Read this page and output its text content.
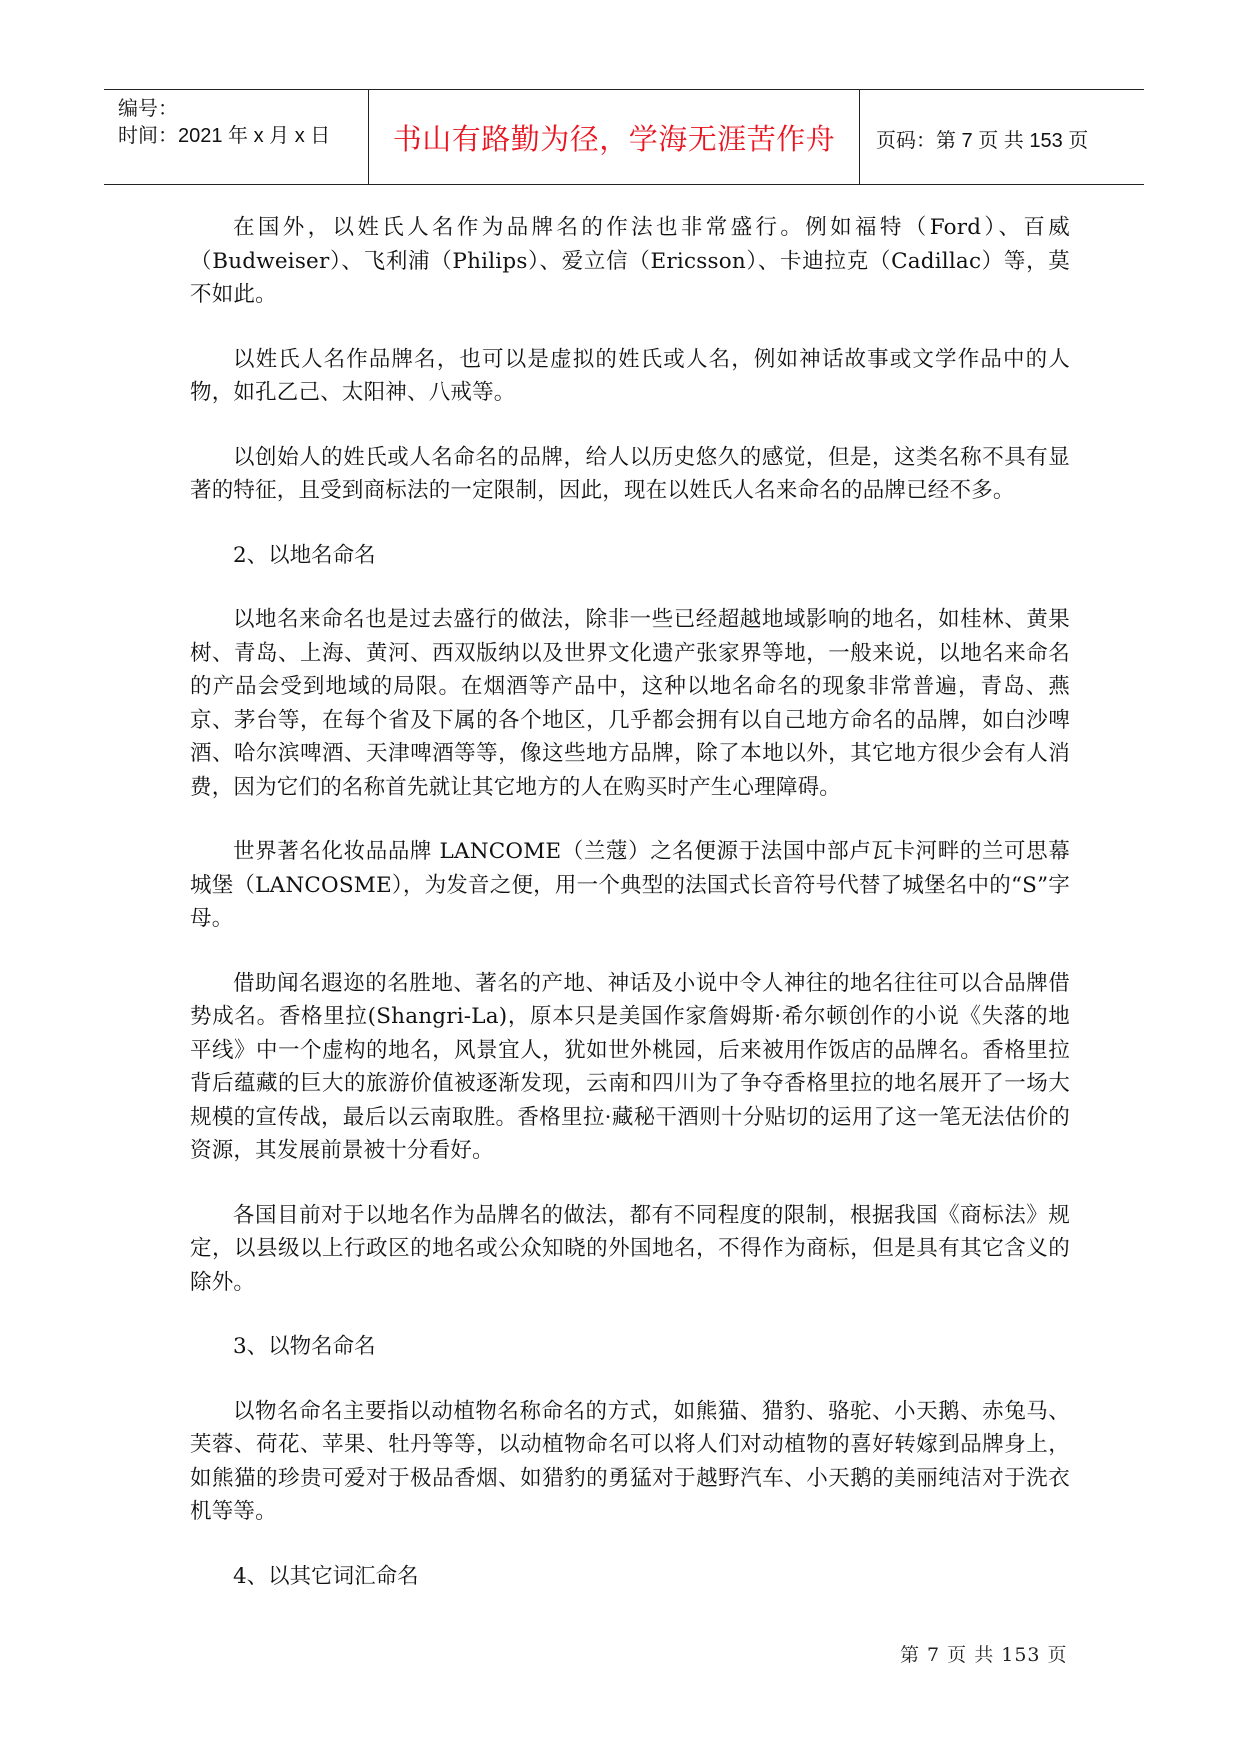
编号：
时间：2021 年 x 月 x 日	书山有路勤为径，学海无涯苦作舟	页码：第 7 页 共 153 页

在国外，以姓氏人名作为品牌名的作法也非常盛行。例如福特（Ford）、百威（Budweiser）、飞利浦（Philips）、爱立信（Ericsson）、卡迪拉克（Cadillac）等，莫不如此。

以姓氏人名作品牌名，也可以是虚拟的姓氏或人名，例如神话故事或文学作品中的人物，如孔乙己、太阳神、八戒等。

以创始人的姓氏或人名命名的品牌，给人以历史悠久的感觉，但是，这类名称不具有显著的特征，且受到商标法的一定限制，因此，现在以姓氏人名来命名的品牌已经不多。

2、以地名命名

以地名来命名也是过去盛行的做法，除非一些已经超越地域影响的地名，如桂林、黄果树、青岛、上海、黄河、西双版纳以及世界文化遗产张家界等地，一般来说，以地名来命名的产品会受到地域的局限。在烟酒等产品中，这种以地名命名的现象非常普遍，青岛、燕京、茅台等，在每个省及下属的各个地区，几乎都会拥有以自己地方命名的品牌，如白沙啤酒、哈尔滨啤酒、天津啤酒等等，像这些地方品牌，除了本地以外，其它地方很少会有人消费，因为它们的名称首先就让其它地方的人在购买时产生心理障碍。

世界著名化妆品品牌 LANCOME（兰蔻）之名便源于法国中部卢瓦卡河畔的兰可思幕城堡（LANCOSME），为发音之便，用一个典型的法国式长音符号代替了城堡名中的“S”字母。

借助闻名遐迩的名胜地、著名的产地、神话及小说中令人神往的地名往往可以合品牌借势成名。香格里拉(Shangri-La)，原本只是美国作家詹姆斯·希尔顿创作的小说《失落的地平线》中一个虚构的地名，风景宜人，犹如世外桃园，后来被用作饭店的品牌名。香格里拉背后蕴藏的巨大的旅游价值被逐渐发现，云南和四川为了争夺香格里拉的地名展开了一场大规模的宣传战，最后以云南取胜。香格里拉·藏秘干酒则十分贴切的运用了这一笔无法估价的资源，其发展前景被十分看好。

各国目前对于以地名作为品牌名的做法，都有不同程度的限制，根据我国《商标法》规定，以县级以上行政区的地名或公众知晓的外国地名，不得作为商标，但是具有其它含义的除外。

3、以物名命名

以物名命名主要指以动植物名称命名的方式，如熊猫、猎豹、骆驼、小天鹅、赤兔马、芙蓉、荷花、苹果、牡丹等等，以动植物命名可以将人们对动植物的喜好转嫁到品牌身上，如熊猫的珍贵可爱对于极品香烟、如猎豹的勇猛对于越野汽车、小天鹅的美丽纯洁对于洗衣机等等。

4、以其它词汇命名

第 7 页 共 153 页
